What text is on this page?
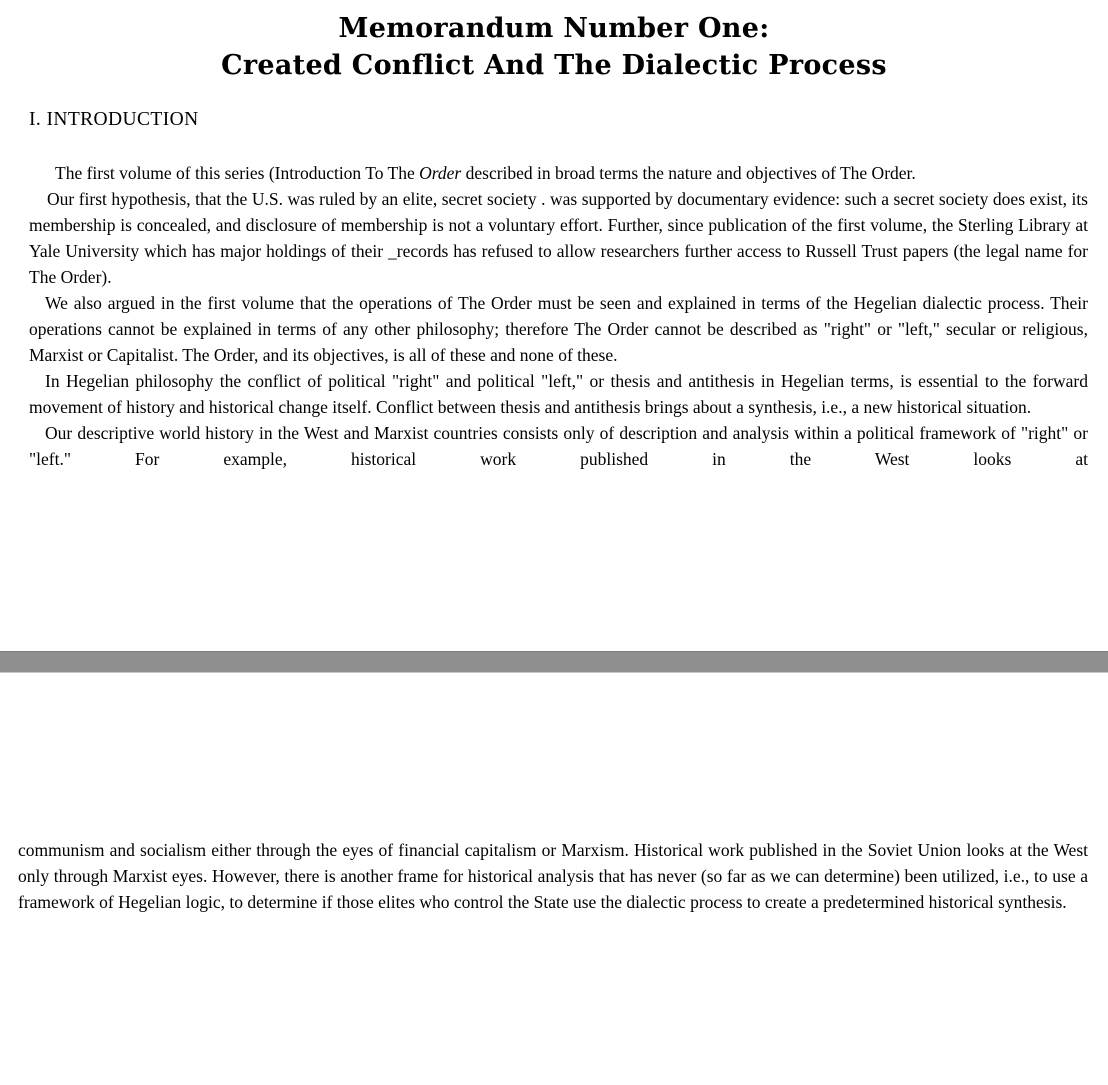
Memorandum Number One:
Created Conflict And The Dialectic Process
I. INTRODUCTION

The first volume of this series (Introduction To The Order described in broad terms the nature and objectives of The Order.

Our first hypothesis, that the U.S. was ruled by an elite, secret society . was supported by documentary evidence: such a secret society does exist, its membership is concealed, and disclosure of membership is not a voluntary effort. Further, since publication of the first volume, the Sterling Library at Yale University which has major holdings of their _records has refused to allow researchers further access to Russell Trust papers (the legal name for The Order).

We also argued in the first volume that the operations of The Order must be seen and explained in terms of the Hegelian dialectic process. Their operations cannot be explained in terms of any other philosophy; therefore The Order cannot be described as "right" or "left," secular or religious, Marxist or Capitalist. The Order, and its objectives, is all of these and none of these.

In Hegelian philosophy the conflict of political "right" and political "left," or thesis and antithesis in Hegelian terms, is essential to the forward movement of history and historical change itself. Conflict between thesis and antithesis brings about a synthesis, i.e., a new historical situation.

Our descriptive world history in the West and Marxist countries consists only of description and analysis within a political framework of "right" or "left." For example, historical work published in the West looks at

communism and socialism either through the eyes of financial capitalism or Marxism. Historical work published in the Soviet Union looks at the West only through Marxist eyes. However, there is another frame for historical analysis that has never (so far as we can determine) been utilized, i.e., to use a framework of Hegelian logic, to determine if those elites who control the State use the dialectic process to create a predetermined historical synthesis.
